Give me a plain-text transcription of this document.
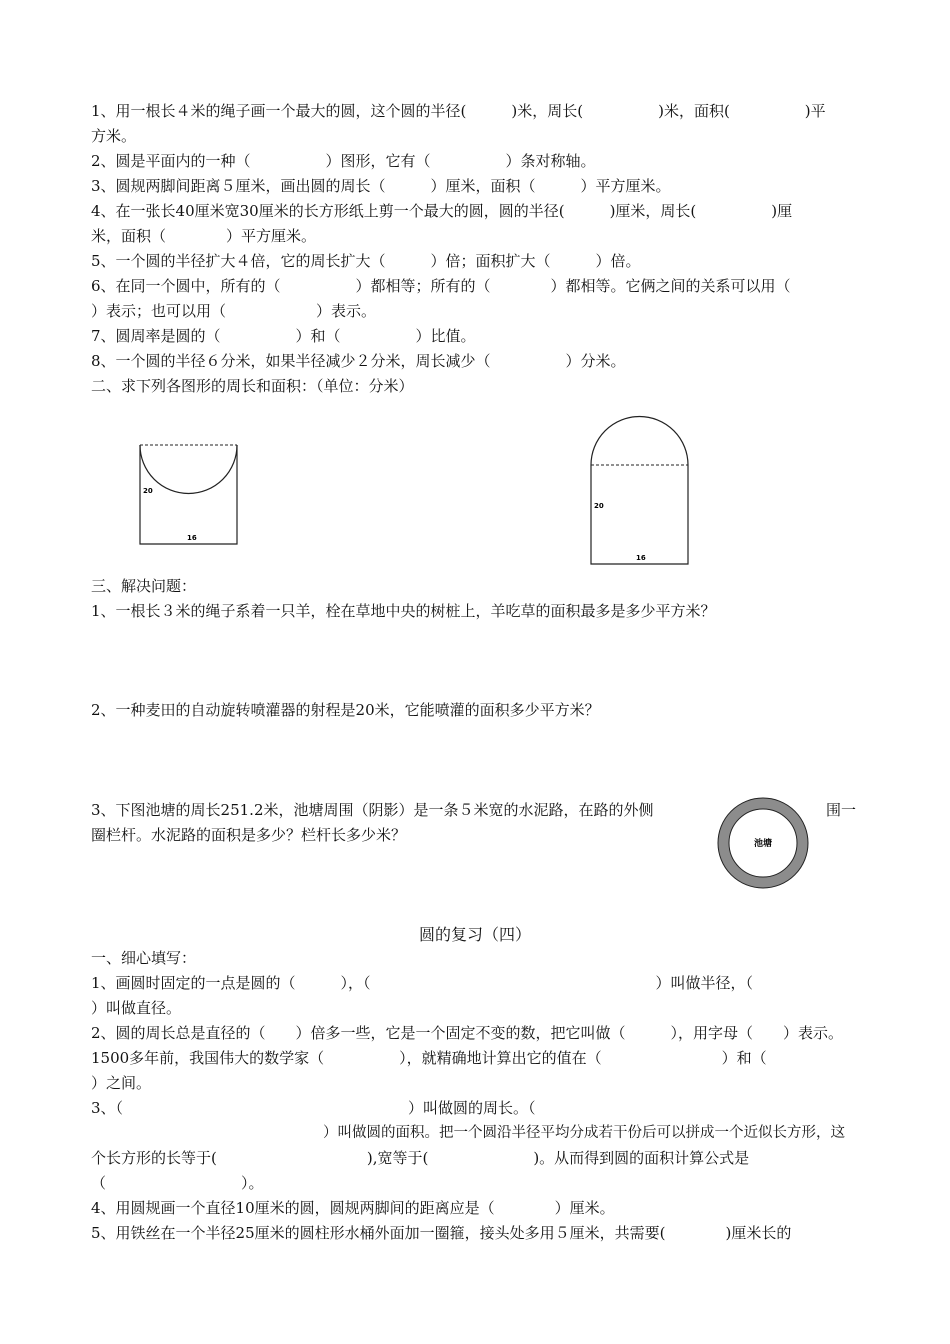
1、用一根长４米的绳子画一个最大的圆，这个圆的半径(　　　)米，周长(　　　　　)米，面积(　　　　　)平
方米。
2、圆是平面内的一种（　　　　　）图形，它有（　　　　　）条对称轴。
3、圆规两脚间距离５厘米，画出圆的周长（　　　）厘米，面积（　　　）平方厘米。
4、在一张长40厘米宽30厘米的长方形纸上剪一个最大的圆，圆的半径(　　　)厘米，周长(　　　　　)厘
米，面积（　　　　）平方厘米。
5、一个圆的半径扩大４倍，它的周长扩大（　　　）倍；面积扩大（　　　）倍。
6、在同一个圆中，所有的（　　　　　）都相等；所有的（　　　　）都相等。它俩之间的关系可以用（
）表示；也可以用（　　　　　　）表示。
7、圆周率是圆的（　　　　　）和（　　　　　）比值。
8、一个圆的半径６分米，如果半径减少２分米，周长减少（　　　　　）分米。
二、求下列各图形的周长和面积：（单位：分米）
20
16
20
16
三、解决问题：
1、一根长３米的绳子系着一只羊，栓在草地中央的树桩上，羊吃草的面积最多是多少平方米？
2、一种麦田的自动旋转喷灌器的射程是20米，它能喷灌的面积多少平方米？
3、下图池塘的周长251.2米，池塘周围（阴影）是一条５米宽的水泥路，在路的外侧	围一
圈栏杆。水泥路的面积是多少？栏杆长多少米？	池塘
圆的复习（四）
一、细心填写：
1、画圆时固定的一点是圆的（　　　），（　　　　　　　　　　　　　　　　　　　）叫做半径，（
）叫做直径。
2、圆的周长总是直径的（　　）倍多一些，它是一个固定不变的数，把它叫做（　　　），用字母（　　）表示。
1500多年前，我国伟大的数学家（　　　　　），就精确地计算出它的值在（　　　　　　　　）和（
）之间。
3、（　　　　　　　　　　　　　　　　　　　）叫做圆的周长。（
　　　　　　　　　　　　　　　　）叫做圆的面积。把一个圆沿半径平均分成若干份后可以拼成一个近似长方形，这
个长方形的长等于(　　　　　　　　　　),宽等于(　　　　　　　)。从而得到圆的面积计算公式是
（　　　　　　　　　）。
4、用圆规画一个直径10厘米的圆，圆规两脚间的距离应是（　　　　）厘米。
5、用铁丝在一个半径25厘米的圆柱形水桶外面加一圈箍，接头处多用５厘米，共需要(　　　　)厘米长的
